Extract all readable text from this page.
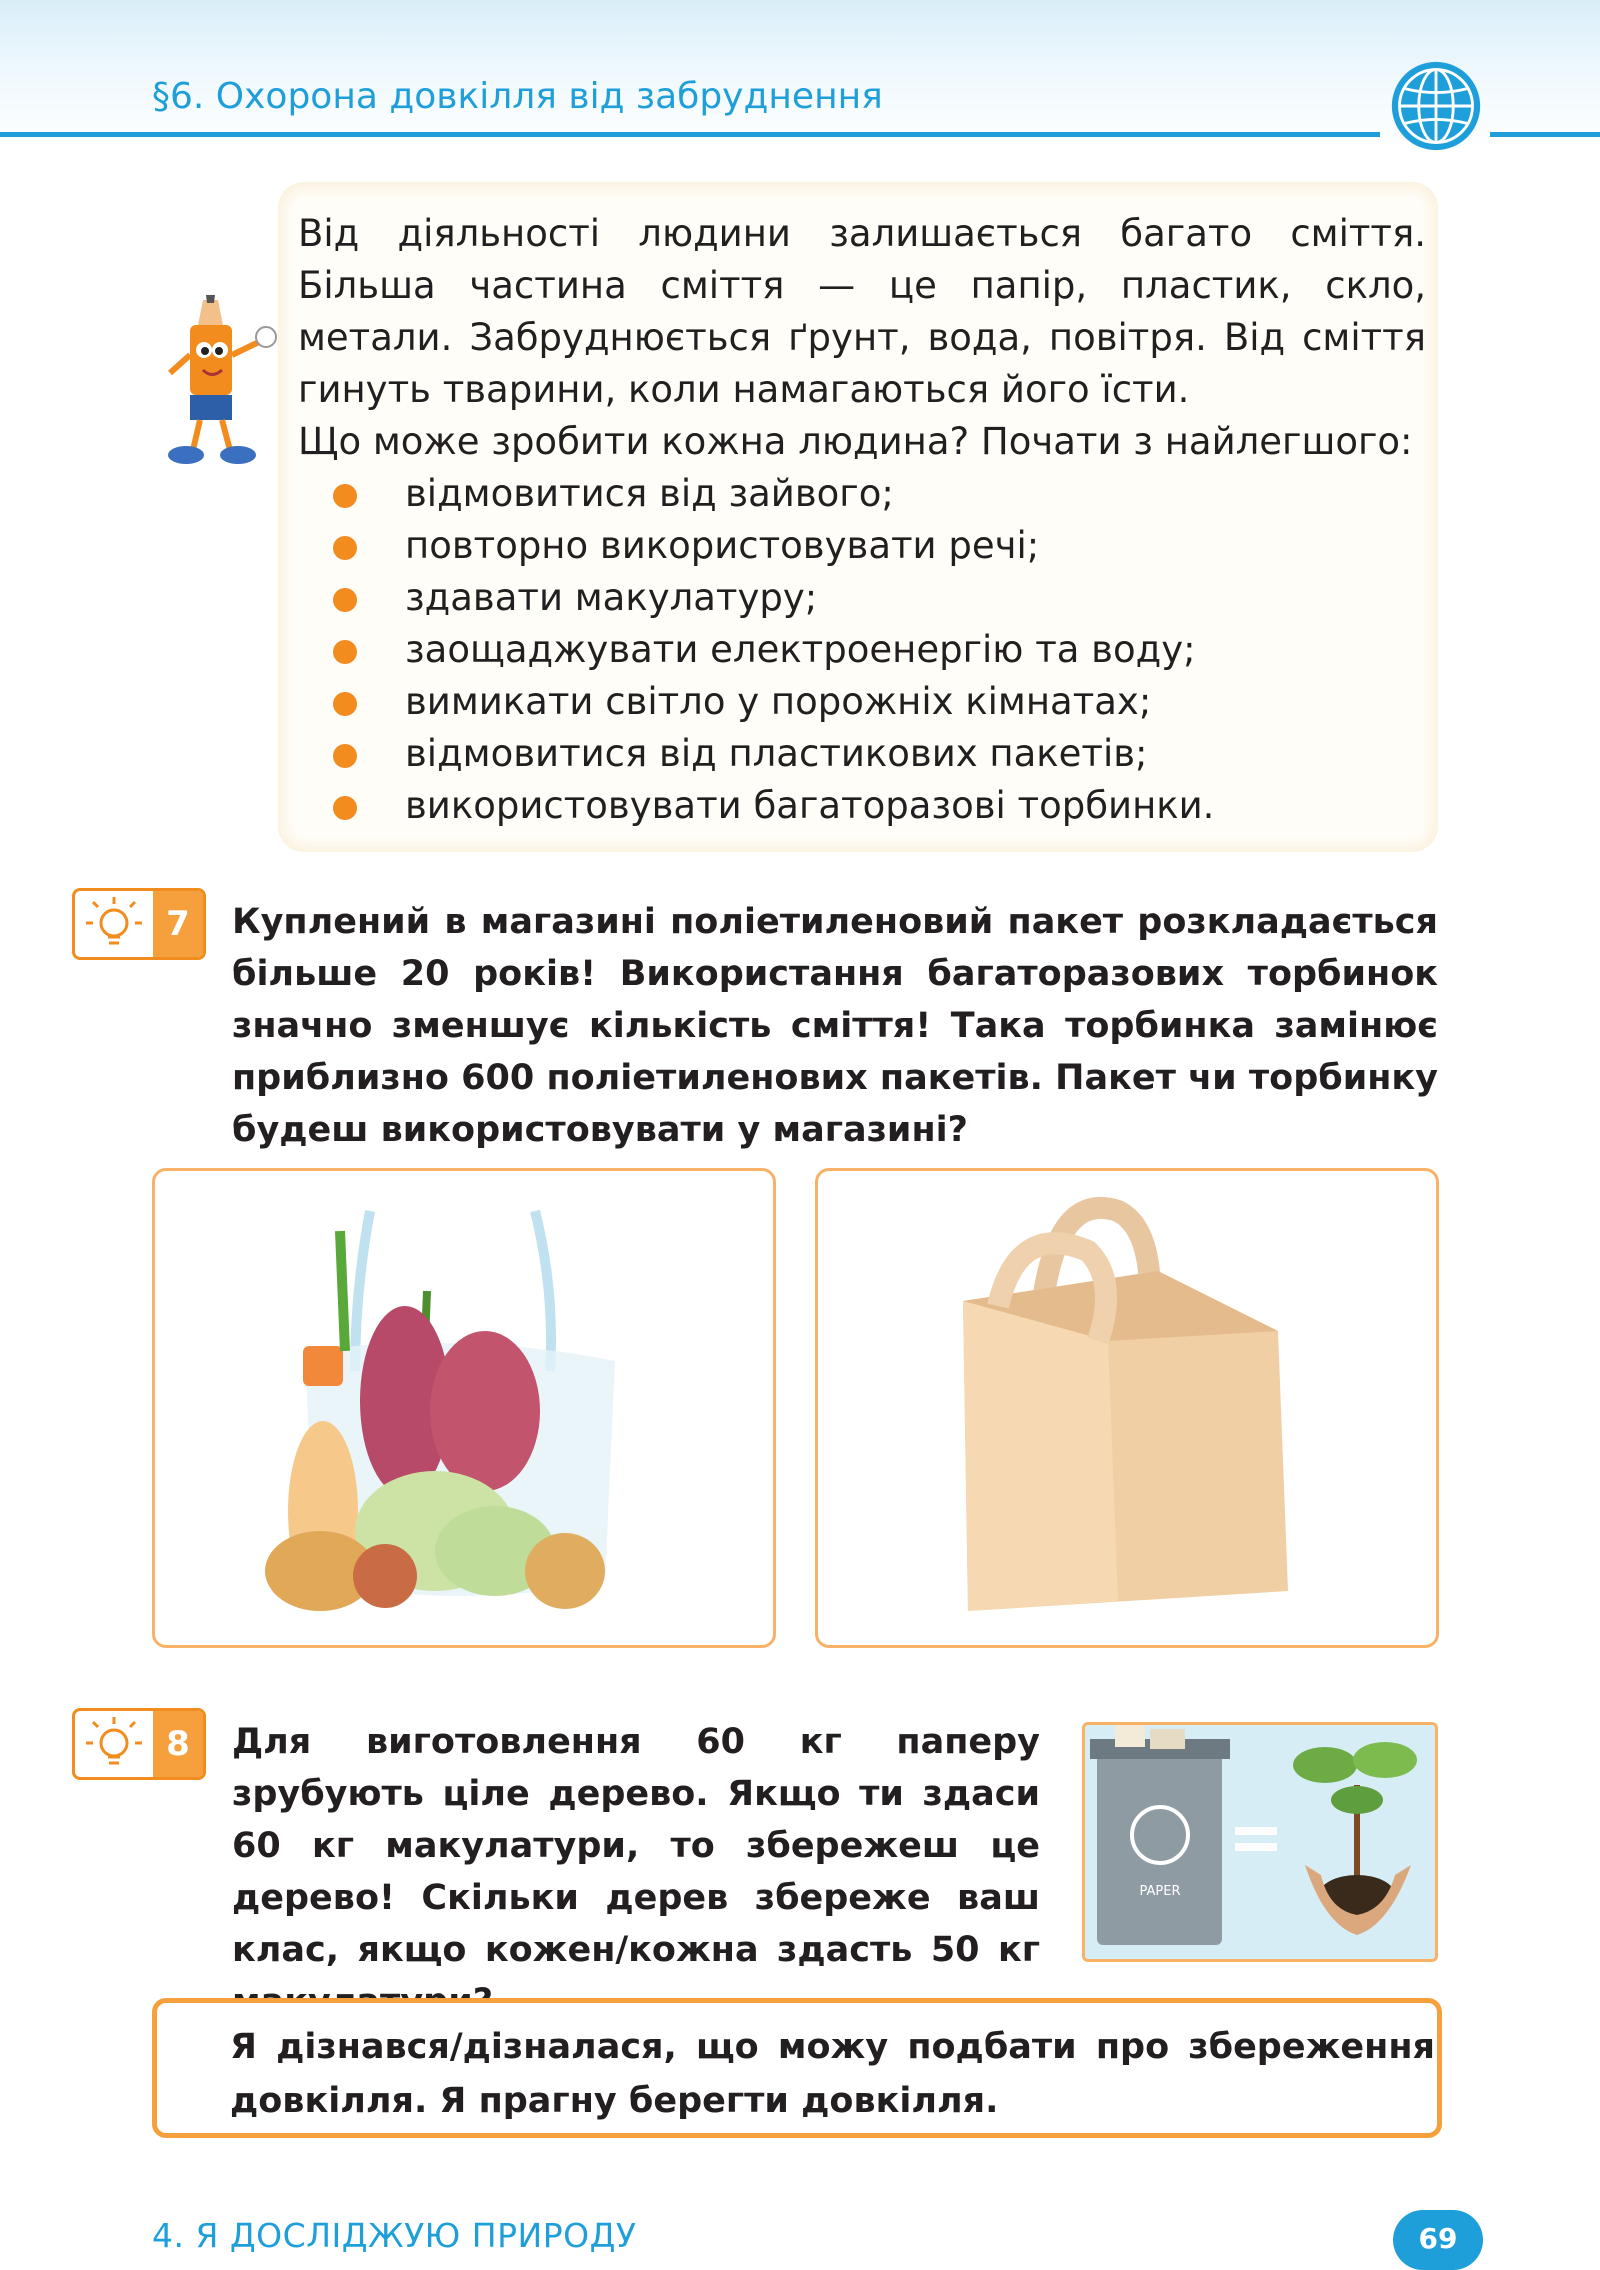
§6. Охорона довкілля від забруднення

Від діяльності людини залишається багато сміття. Більша частина сміття — це папір, пластик, скло, метали. Забруднюється ґрунт, вода, повітря. Від сміття гинуть тварини, коли намагаються його їсти.

Що може зробити кожна людина? Почати з найлегшого:

відмовитися від зайвого;
повторно використовувати речі;
здавати макулатуру;
заощаджувати електроенергію та воду;
вимикати світло у порожніх кімнатах;
відмовитися від пластикових пакетів;
використовувати багаторазові торбинки.
7	Куплений в магазині поліетиленовий пакет розкладається більше 20 років! Використання багаторазових торбинок значно зменшує кількість сміття! Така торбинка замінює приблизно 600 поліетиленових пакетів. Пакет чи торбинку будеш використовувати у магазині?
8	Для виготовлення 60 кг паперу зрубують ціле дерево. Якщо ти здаси 60 кг макулатури, то збережеш це дерево! Скільки дерев збереже ваш клас, якщо кожен/кожна здасть 50 кг
PAPER
Я дізнався/дізналася, що можу подбати про збереження довкілля. Я прагну берегти довкілля.
4. Я ДОСЛІДЖУЮ ПРИРОДУ	69
